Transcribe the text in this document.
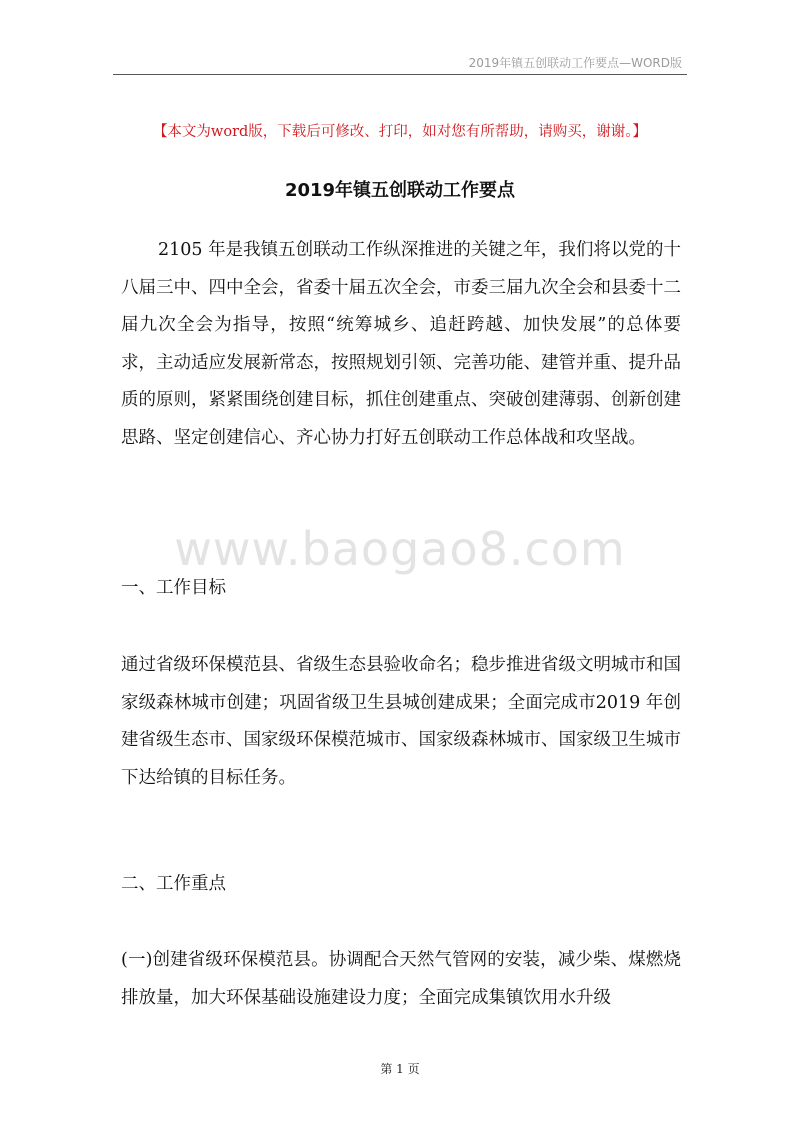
2019年镇五创联动工作要点—WORD版
【本文为word版，下载后可修改、打印，如对您有所帮助，请购买，谢谢。】
2019年镇五创联动工作要点
2105 年是我镇五创联动工作纵深推进的关键之年，我们将以党的十八届三中、四中全会，省委十届五次全会，市委三届九次全会和县委十二届九次全会为指导，按照“统筹城乡、追赶跨越、加快发展”的总体要求，主动适应发展新常态，按照规划引领、完善功能、建管并重、提升品质的原则，紧紧围绕创建目标，抓住创建重点、突破创建薄弱、创新创建思路、坚定创建信心、齐心协力打好五创联动工作总体战和攻坚战。
www.baogao8.com
一、工作目标
通过省级环保模范县、省级生态县验收命名；稳步推进省级文明城市和国家级森林城市创建；巩固省级卫生县城创建成果；全面完成市2019 年创建省级生态市、国家级环保模范城市、国家级森林城市、国家级卫生城市下达给镇的目标任务。
二、工作重点
(一)创建省级环保模范县。协调配合天然气管网的安装，减少柴、煤燃烧排放量，加大环保基础设施建设力度；全面完成集镇饮用水升级
第 1 页
